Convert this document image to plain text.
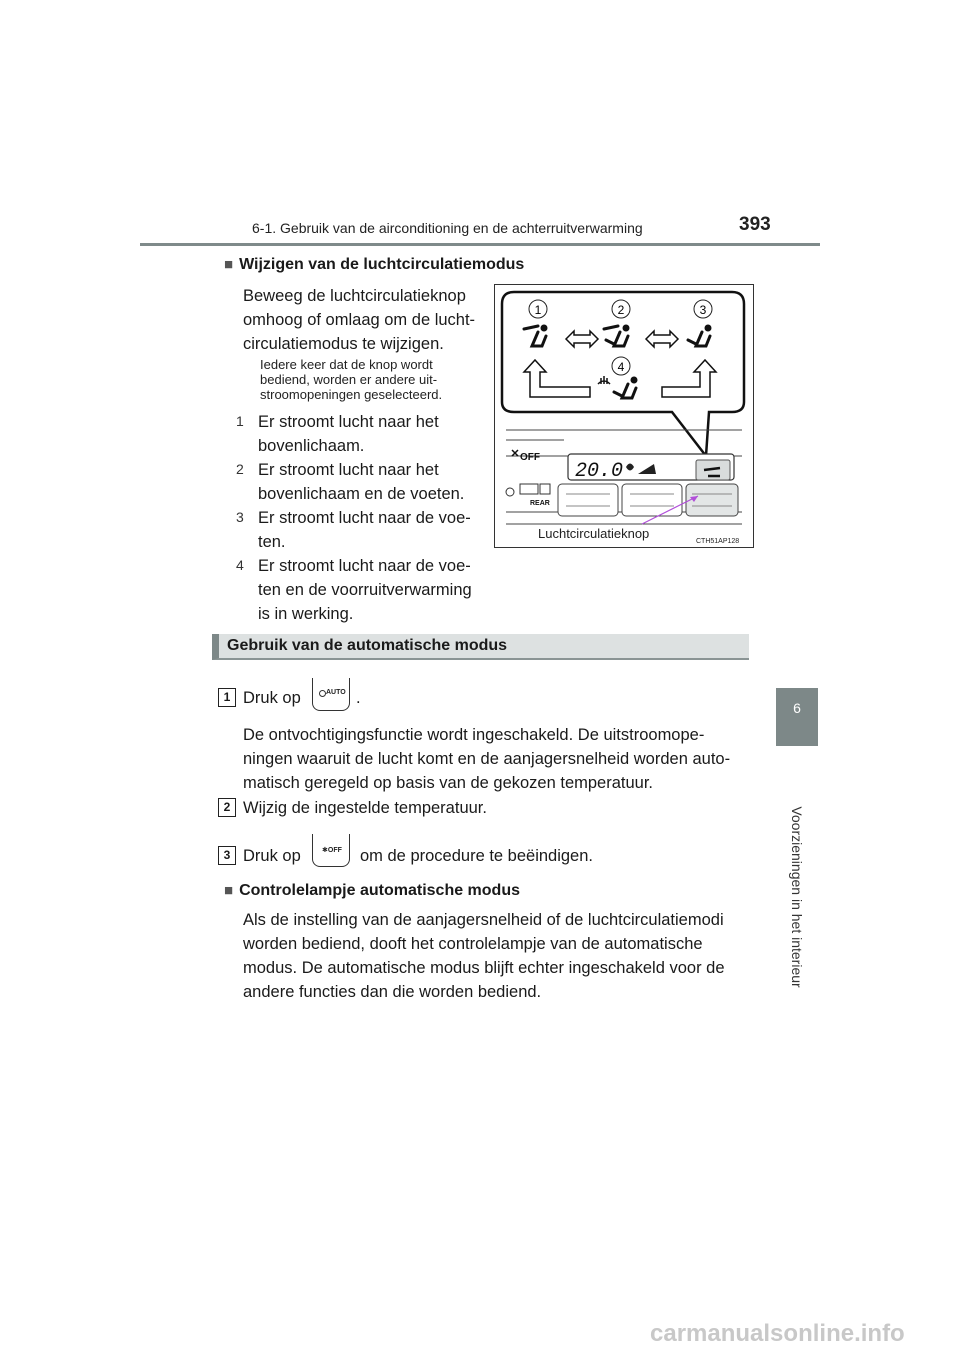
6-1. Gebruik van de airconditioning en de achterruitverwarming	393
6
Voorzieningen in het interieur
■ Wijzigen van de luchtcirculatiemodus
Beweeg de luchtcirculatieknop
omhoog of omlaag om de lucht-
circulatiemodus te wijzigen.
Iedere keer dat de knop wordt
bediend, worden er andere uit-
stroomopeningen geselecteerd.
1 Er stroomt lucht naar het
bovenlichaam.
2 Er stroomt lucht naar het
bovenlichaam en de voeten.
3 Er stroomt lucht naar de voe-
ten.
4 Er stroomt lucht naar de voe-
ten en de voorruitverwarming
is in werking.
1	2	3
4
20.0
OFF
REAR
Luchtcirculatieknop
CTH51AP128
Gebruik van de automatische modus
1 Druk op	AUTO .
De ontvochtigingsfunctie wordt ingeschakeld. De uitstroomope-
ningen waaruit de lucht komt en de aanjagersnelheid worden auto-
matisch geregeld op basis van de gekozen temperatuur.
2 Wijzig de ingestelde temperatuur.
3 Druk op	✱OFF om de procedure te beëindigen.
■ Controlelampje automatische modus
Als de instelling van de aanjagersnelheid of de luchtcirculatiemodi
worden bediend, dooft het controlelampje van de automatische
modus. De automatische modus blijft echter ingeschakeld voor de
andere functies dan die worden bediend.
carmanualsonline.info
